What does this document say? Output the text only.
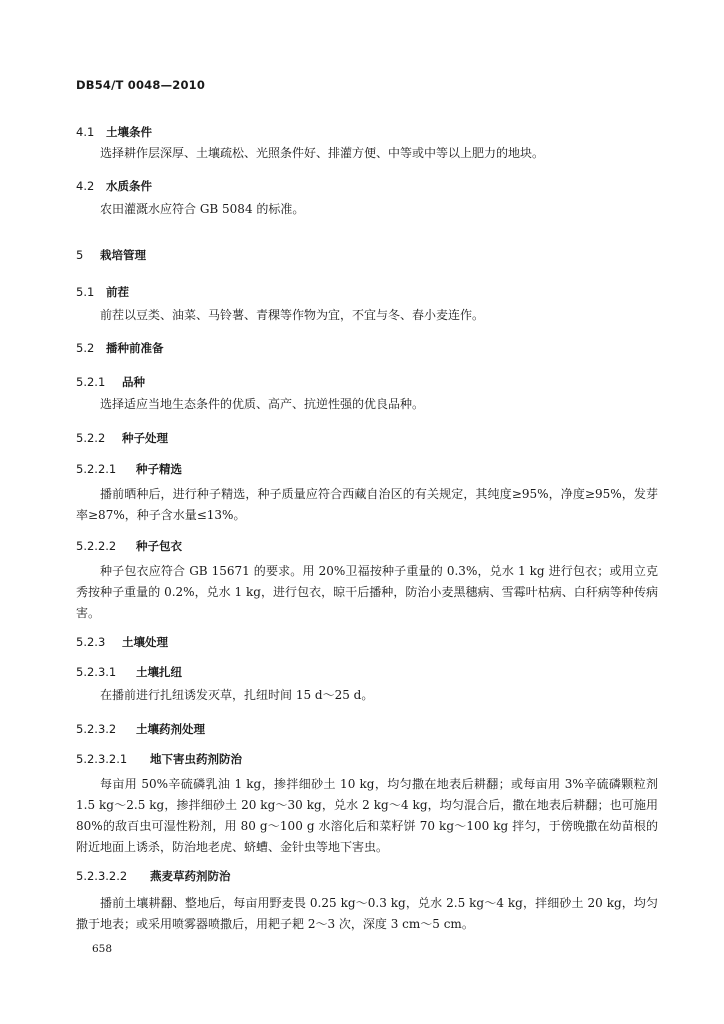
DB54/T 0048—2010
4.1 土壤条件

选择耕作层深厚、土壤疏松、光照条件好、排灌方便、中等或中等以上肥力的地块。

4.2 水质条件

农田灌溉水应符合 GB 5084 的标准。

5 栽培管理
5.1 前茬

前茬以豆类、油菜、马铃薯、青稞等作物为宜，不宜与冬、春小麦连作。

5.2 播种前准备
5.2.1 品种

选择适应当地生态条件的优质、高产、抗逆性强的优良品种。

5.2.2 种子处理
5.2.2.1 种子精选

播前晒种后，进行种子精选，种子质量应符合西藏自治区的有关规定，其纯度≥95%，净度≥95%，发芽率≥87%，种子含水量≤13%。

5.2.2.2 种子包衣

种子包衣应符合 GB 15671 的要求。用 20%卫福按种子重量的 0.3%，兑水 1 kg 进行包衣；或用立克秀按种子重量的 0.2%，兑水 1 kg，进行包衣，晾干后播种，防治小麦黑穗病、雪霉叶枯病、白秆病等种传病害。

5.2.3 土壤处理
5.2.3.1 土壤扎纽

在播前进行扎纽诱发灭草，扎纽时间 15 d～25 d。

5.2.3.2 土壤药剂处理
5.2.3.2.1 地下害虫药剂防治

每亩用 50%辛硫磷乳油 1 kg，掺拌细砂土 10 kg，均匀撒在地表后耕翻；或每亩用 3%辛硫磷颗粒剂 1.5 kg～2.5 kg，掺拌细砂土 20 kg～30 kg，兑水 2 kg～4 kg，均匀混合后，撒在地表后耕翻；也可施用 80%的敌百虫可湿性粉剂，用 80 g～100 g 水溶化后和菜籽饼 70 kg～100 kg 拌匀，于傍晚撒在幼苗根的附近地面上诱杀，防治地老虎、蛴螬、金针虫等地下害虫。

5.2.3.2.2 燕麦草药剂防治

播前土壤耕翻、整地后，每亩用野麦畏 0.25 kg～0.3 kg，兑水 2.5 kg～4 kg，拌细砂土 20 kg，均匀撒于地表；或采用喷雾器喷撒后，用耙子耙 2～3 次，深度 3 cm～5 cm。

658
